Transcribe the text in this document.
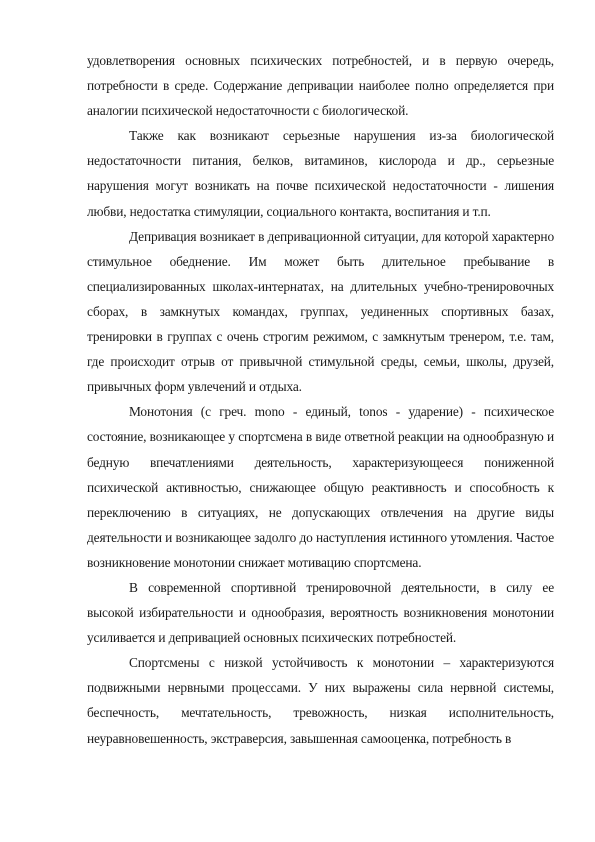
удовлетворения основных психических потребностей, и в первую очередь, потребности в среде. Содержание депривации наиболее полно определяется при аналогии психической недостаточности с биологической.

Также как возникают серьезные нарушения из-за биологической недостаточности питания, белков, витаминов, кислорода и др., серьезные нарушения могут возникать на почве психической недостаточности - лишения любви, недостатка стимуляции, социального контакта, воспитания и т.п.

Депривация возникает в депривационной ситуации, для которой характерно стимульное обеднение. Им может быть длительное пребывание в специализированных школах-интернатах, на длительных учебно-тренировочных сборах, в замкнутых командах, группах, уединенных спортивных базах, тренировки в группах с очень строгим режимом, с замкнутым тренером, т.е. там, где происходит отрыв от привычной стимульной среды, семьи, школы, друзей, привычных форм увлечений и отдыха.

Монотония (с греч. mono - единый, tonos - ударение) - психическое состояние, возникающее у спортсмена в виде ответной реакции на однообразную и бедную впечатлениями деятельность, характеризующееся пониженной психической активностью, снижающее общую реактивность и способность к переключению в ситуациях, не допускающих отвлечения на другие виды деятельности и возникающее задолго до наступления истинного утомления. Частое возникновение монотонии снижает мотивацию спортсмена.

В современной спортивной тренировочной деятельности, в силу ее высокой избирательности и однообразия, вероятность возникновения монотонии усиливается и депривацией основных психических потребностей.

Спортсмены с низкой устойчивость к монотонии – характеризуются подвижными нервными процессами. У них выражены сила нервной системы, беспечность, мечтательность, тревожность, низкая исполнительность, неуравновешенность, экстраверсия, завышенная самооценка, потребность в
